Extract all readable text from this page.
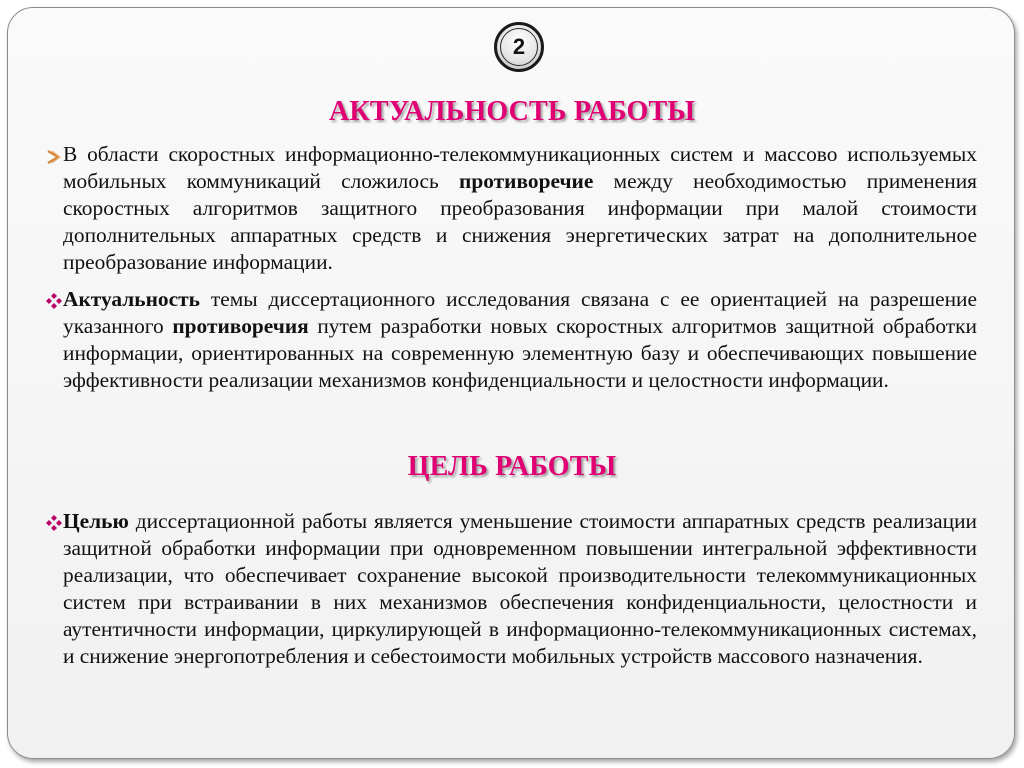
2
АКТУАЛЬНОСТЬ РАБОТЫ
В области скоростных информационно-телекоммуникационных систем и массово используемых мобильных коммуникаций сложилось противоречие между необходимостью применения скоростных алгоритмов защитного преобразования информации при малой стоимости дополнительных аппаратных средств и снижения энергетических затрат на дополнительное преобразование информации.
Актуальность темы диссертационного исследования связана с ее ориентацией на разрешение указанного противоречия путем разработки новых скоростных алгоритмов защитной обработки информации, ориентированных на современную элементную базу и обеспечивающих повышение эффективности реализации механизмов конфиденциальности и целостности информации.
ЦЕЛЬ РАБОТЫ
Целью диссертационной работы является уменьшение стоимости аппаратных средств реализации защитной обработки информации при одновременном повышении интегральной эффективности реализации, что обеспечивает сохранение высокой производительности телекоммуникационных систем при встраивании в них механизмов обеспечения конфиденциальности, целостности и аутентичности информации, циркулирующей в информационно-телекоммуникационных системах, и снижение энергопотребления и себестоимости мобильных устройств массового назначения.
